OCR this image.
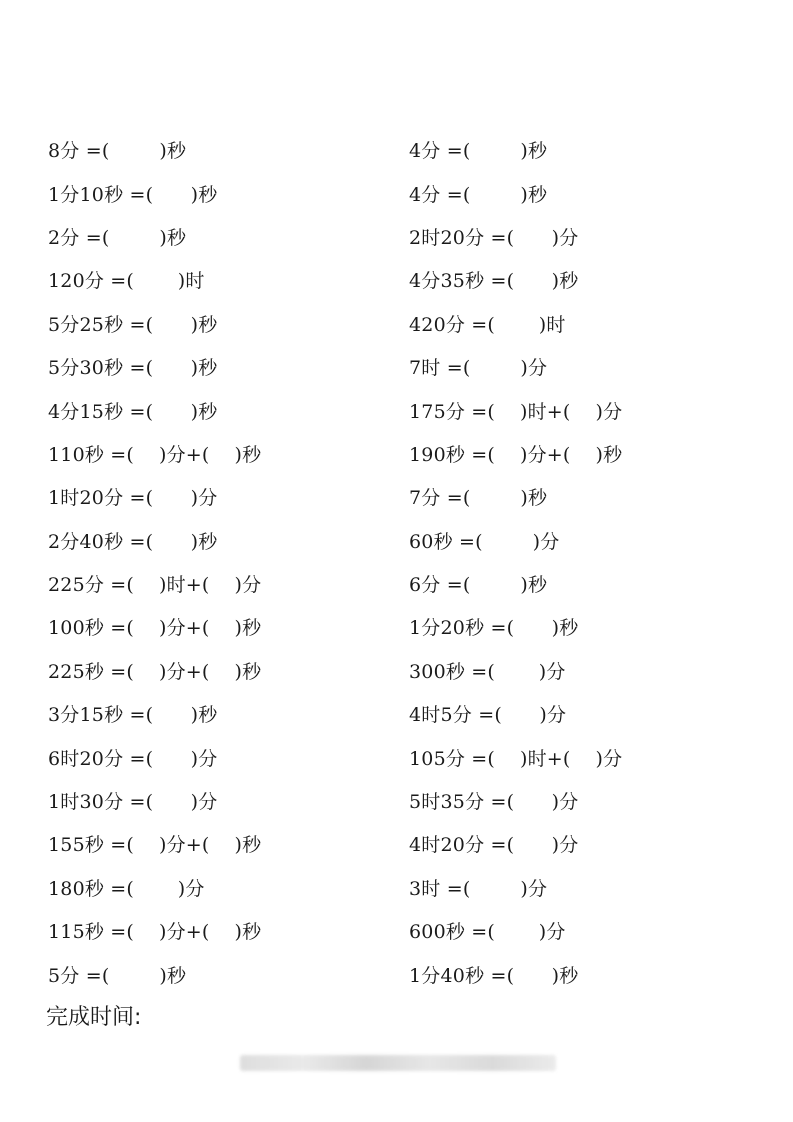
8分 =(        )秒
1分10秒 =(      )秒
2分 =(        )秒
120分 =(       )时
5分25秒 =(      )秒
5分30秒 =(      )秒
4分15秒 =(      )秒
110秒 =(    )分+(    )秒
1时20分 =(      )分
2分40秒 =(      )秒
225分 =(    )时+(    )分
100秒 =(    )分+(    )秒
225秒 =(    )分+(    )秒
3分15秒 =(      )秒
6时20分 =(      )分
1时30分 =(      )分
155秒 =(    )分+(    )秒
180秒 =(       )分
115秒 =(    )分+(    )秒
5分 =(        )秒
4分 =(        )秒
4分 =(        )秒
2时20分 =(      )分
4分35秒 =(      )秒
420分 =(       )时
7时 =(        )分
175分 =(    )时+(    )分
190秒 =(    )分+(    )秒
7分 =(        )秒
60秒 =(        )分
6分 =(        )秒
1分20秒 =(      )秒
300秒 =(       )分
4时5分 =(      )分
105分 =(    )时+(    )分
5时35分 =(      )分
4时20分 =(      )分
3时 =(        )分
600秒 =(       )分
1分40秒 =(      )秒
完成时间:
